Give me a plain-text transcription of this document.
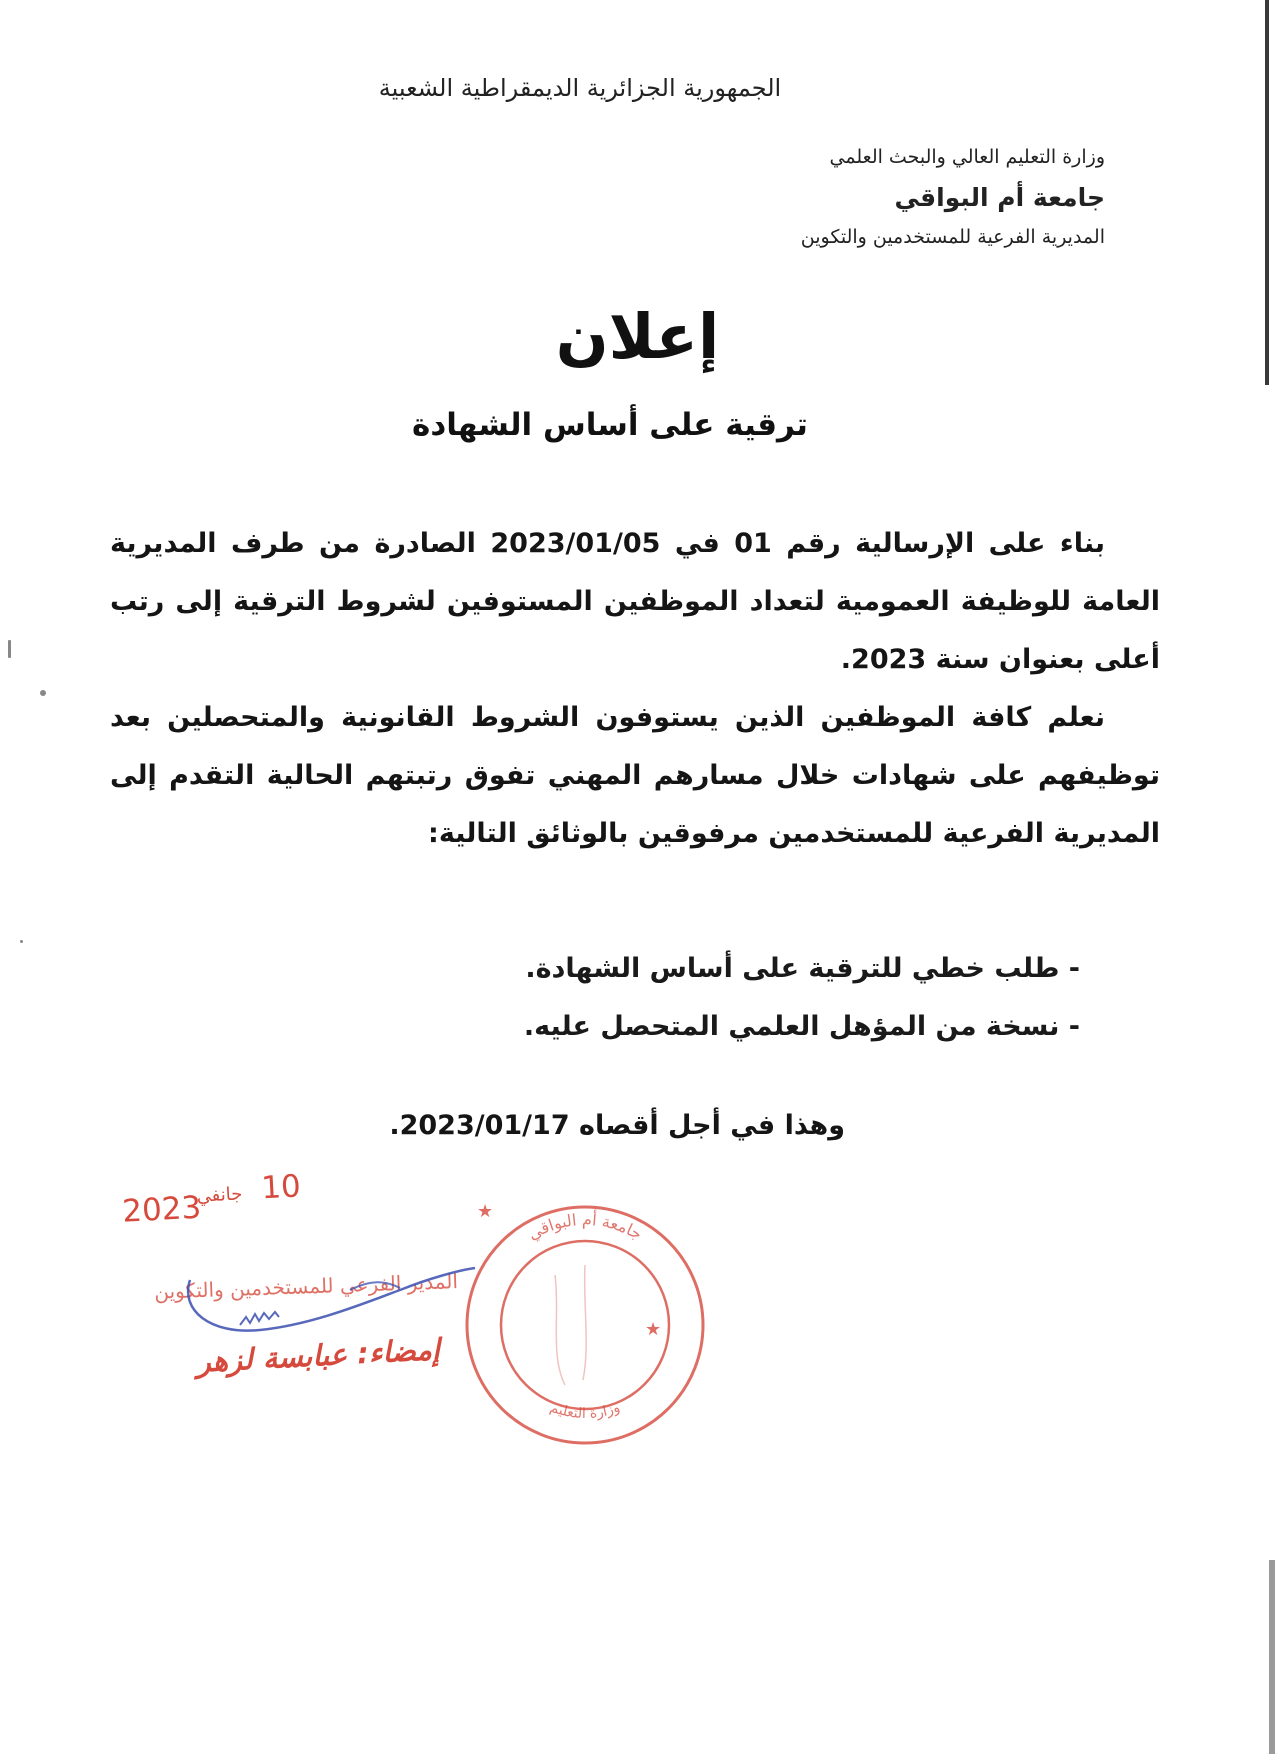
الجمهورية الجزائرية الديمقراطية الشعبية
وزارة التعليم العالي والبحث العلمي
جامعة أم البواقي
المديرية الفرعية للمستخدمين والتكوين
إعلان
ترقية على أساس الشهادة

بناء على الإرسالية رقم 01 في 2023/01/05 الصادرة من طرف المديرية العامة للوظيفة العمومية لتعداد الموظفين المستوفين لشروط الترقية إلى رتب أعلى بعنوان سنة 2023.

نعلم كافة الموظفين الذين يستوفون الشروط القانونية والمتحصلين بعد توظيفهم على شهادات خلال مسارهم المهني تفوق رتبتهم الحالية التقدم إلى المديرية الفرعية للمستخدمين مرفوقين بالوثائق التالية:

- طلب خطي للترقية على أساس الشهادة.
- نسخة من المؤهل العلمي المتحصل عليه.
وهذا في أجل أقصاه 2023/01/17.
2023
جانفي 10
المدير الفرعي للمستخدمين والتكوين
إمضاء: عبابسة لزهر
جامعة أم البواقي
وزارة التعليم
★
★
